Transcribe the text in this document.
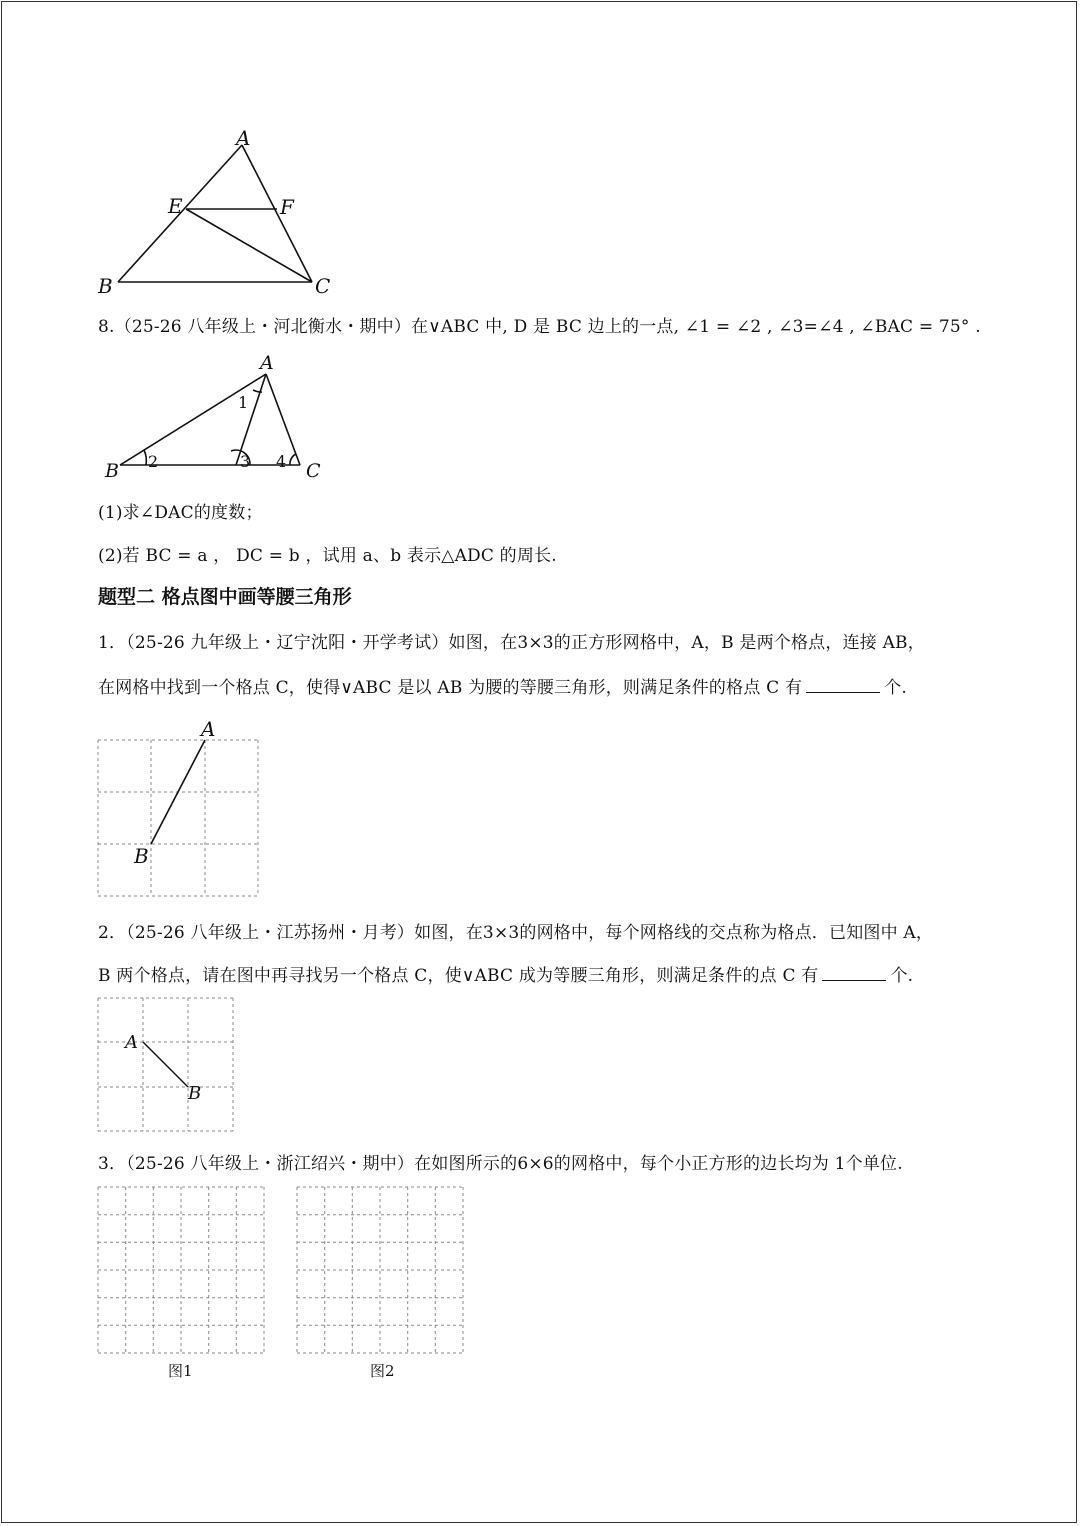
A
E	F
B	C
8.（25-26 八年级上・河北衡水・期中）在∨ABC 中, D 是 BC 边上的一点, ∠1 = ∠2 , ∠3=∠4 , ∠BAC = 75° .
A
B	C
1
2	3 4
(1)求∠DAC的度数；
(2)若 BC = a ， DC = b ，试用 a、b 表示△ADC 的周长.
题型二 格点图中画等腰三角形
1．（25-26 九年级上・辽宁沈阳・开学考试）如图，在3×3的正方形网格中，A，B 是两个格点，连接 AB，
在网格中找到一个格点 C，使得∨ABC 是以 AB 为腰的等腰三角形，则满足条件的格点 C 有	个.
A
B
2．（25-26 八年级上・江苏扬州・月考）如图，在3×3的网格中，每个网格线的交点称为格点．已知图中 A，
B 两个格点，请在图中再寻找另一个格点 C，使∨ABC 成为等腰三角形，则满足条件的点 C 有	个.
A
B
3．（25-26 八年级上・浙江绍兴・期中）在如图所示的6×6的网格中，每个小正方形的边长均为 1个单位.
图1	图2
